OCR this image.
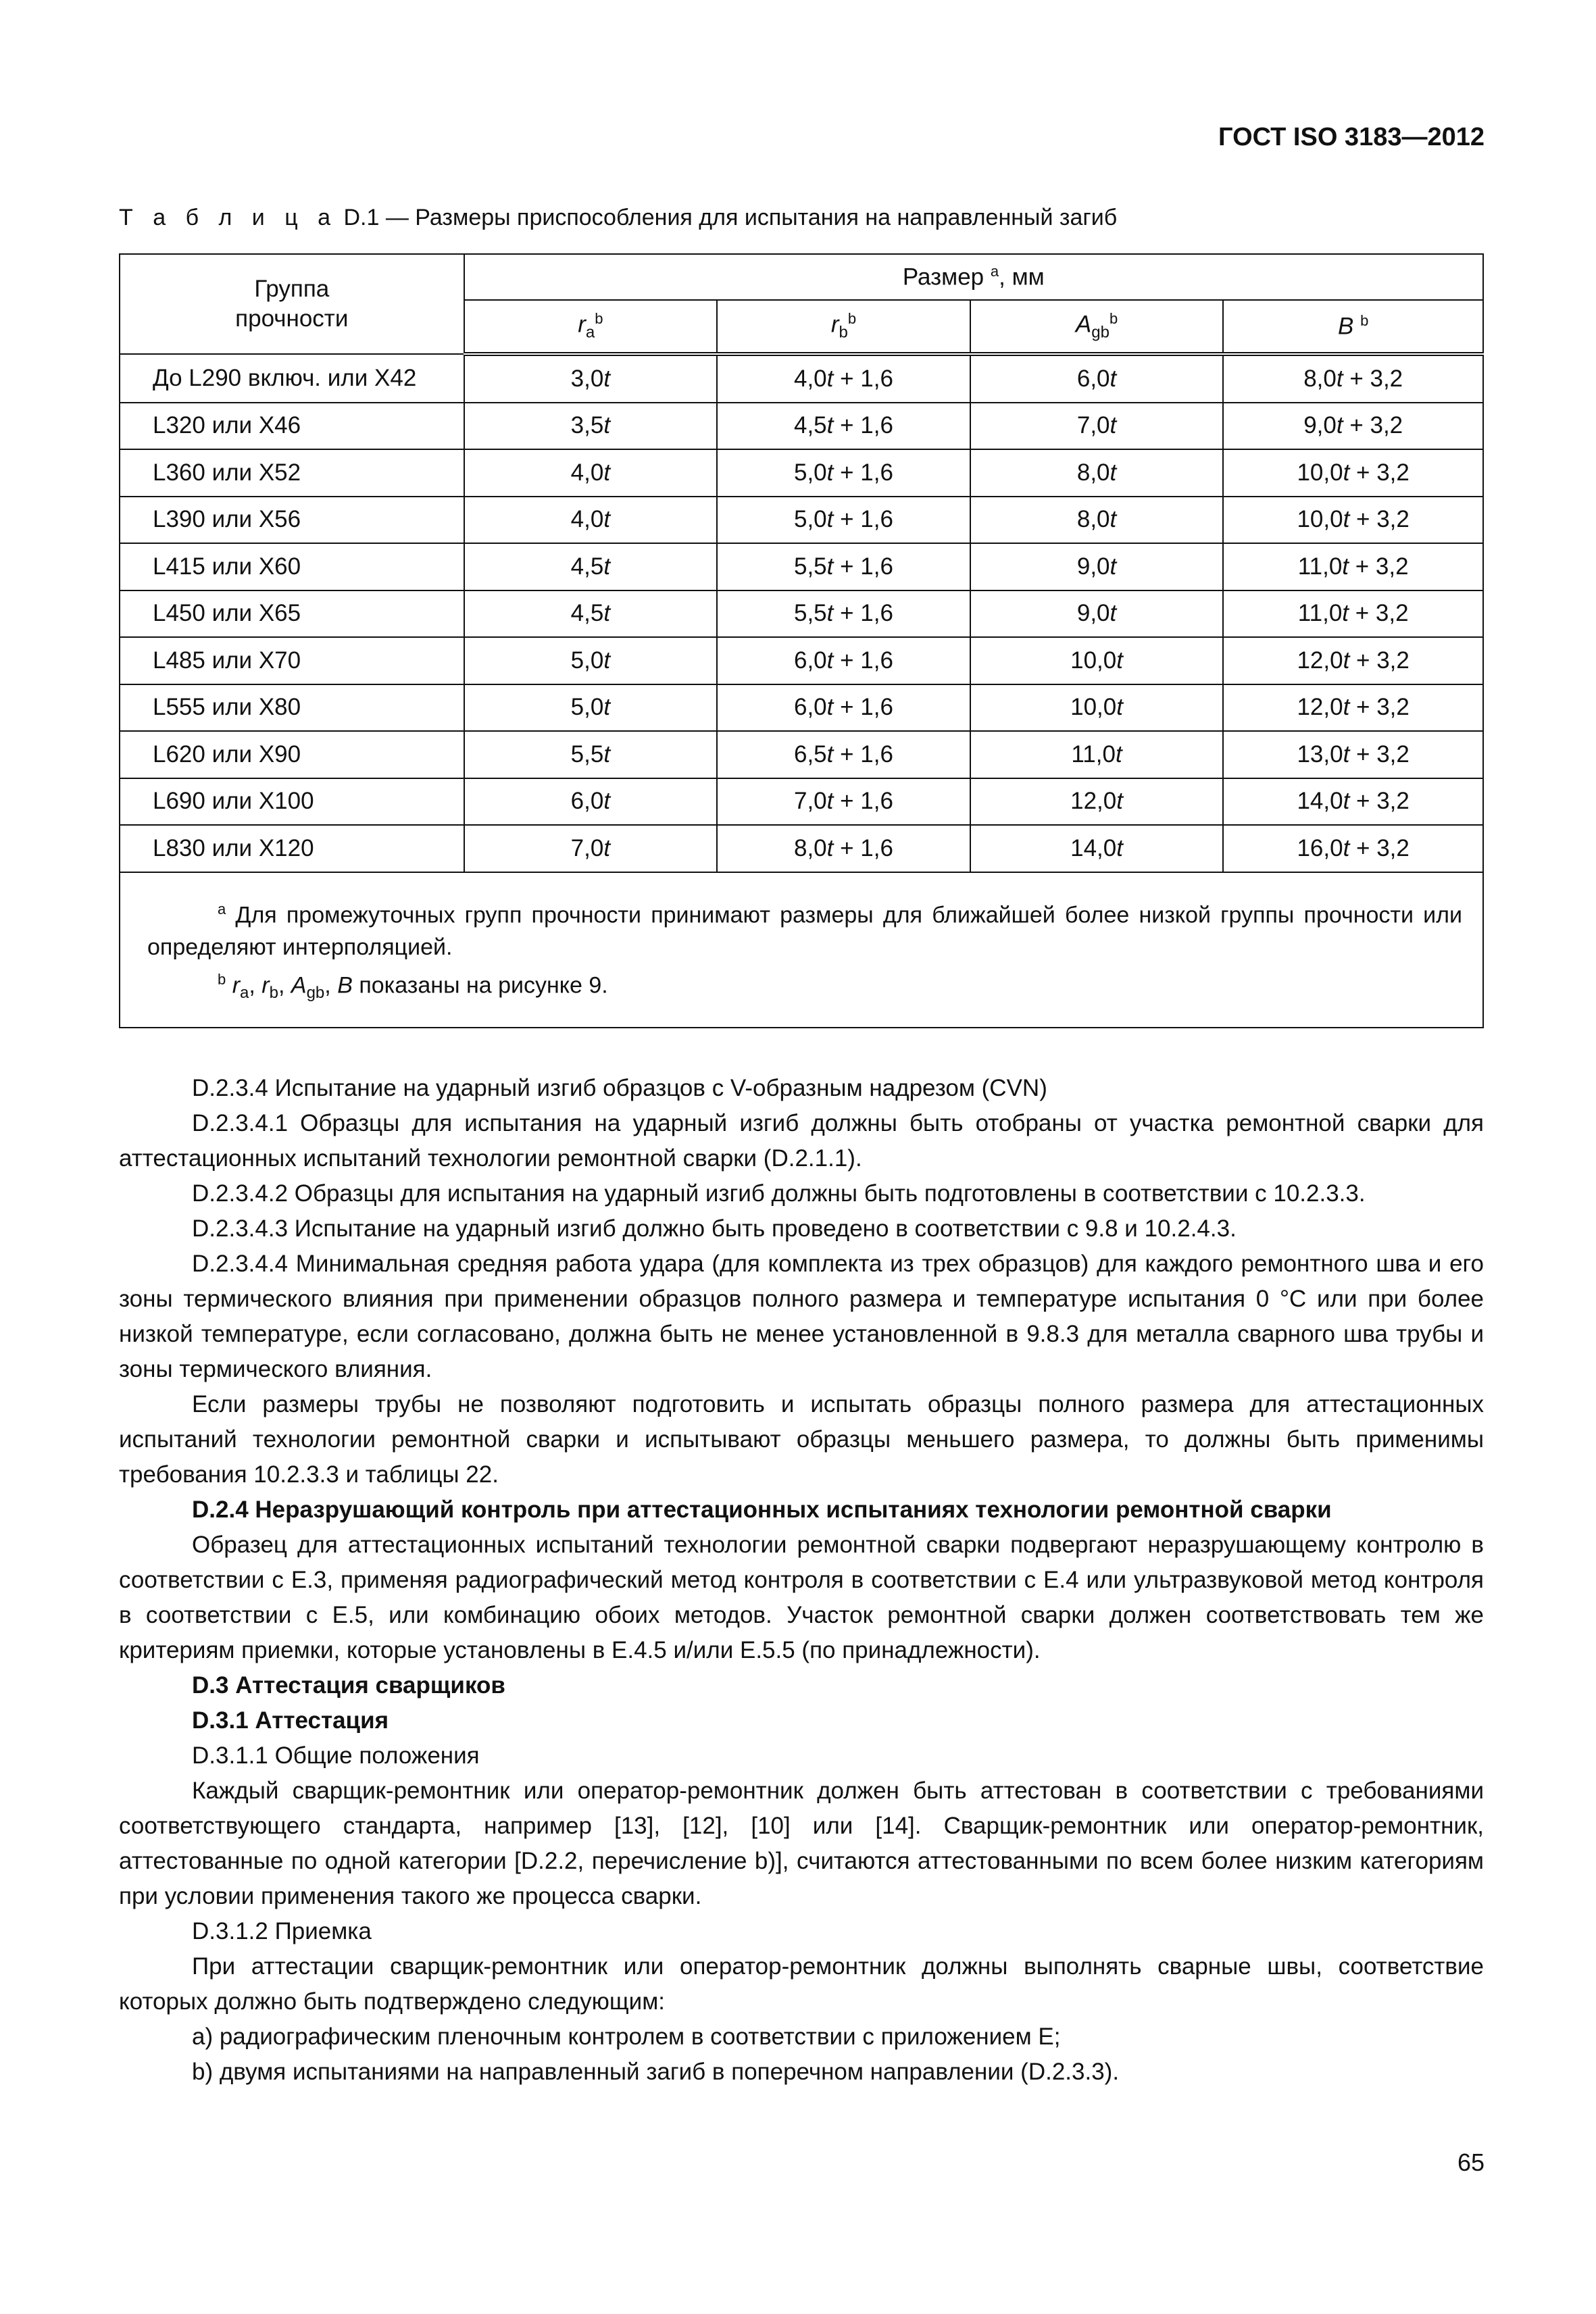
ГОСТ ISO 3183—2012
Т а б л и ц а D.1 — Размеры приспособления для испытания на направленный загиб
Группа
прочности	Размер $^a$, мм			
	$r_a^b$	$r_b^b$	$A_{gb}^b$	B $^b$
До L290 включ. или X42	3,0t	4,0t + 1,6	6,0t	8,0t + 3,2
L320 или X46	3,5t	4,5t + 1,6	7,0t	9,0t + 3,2
L360 или X52	4,0t	5,0t + 1,6	8,0t	10,0t + 3,2
L390 или X56	4,0t	5,0t + 1,6	8,0t	10,0t + 3,2
L415 или X60	4,5t	5,5t + 1,6	9,0t	11,0t + 3,2
L450 или X65	4,5t	5,5t + 1,6	9,0t	11,0t + 3,2
L485 или X70	5,0t	6,0t + 1,6	10,0t	12,0t + 3,2
L555 или X80	5,0t	6,0t + 1,6	10,0t	12,0t + 3,2
L620 или X90	5,5t	6,5t + 1,6	11,0t	13,0t + 3,2
L690 или X100	6,0t	7,0t + 1,6	12,0t	14,0t + 3,2
L830 или X120	7,0t	8,0t + 1,6	14,0t	16,0t + 3,2

$^a$ Для промежуточных групп прочности принимают размеры для ближайшей более низкой группы прочности или определяют интерполяцией.
$^b$ $r_a$, $r_b$, $A_{gb}$, B показаны на рисунке 9.				

D.2.3.4 Испытание на ударный изгиб образцов с V-образным надрезом (CVN)

D.2.3.4.1 Образцы для испытания на ударный изгиб должны быть отобраны от участка ремонтной сварки для аттестационных испытаний технологии ремонтной сварки (D.2.1.1).

D.2.3.4.2 Образцы для испытания на ударный изгиб должны быть подготовлены в соответствии с 10.2.3.3.

D.2.3.4.3 Испытание на ударный изгиб должно быть проведено в соответствии с 9.8 и 10.2.4.3.

D.2.3.4.4 Минимальная средняя работа удара (для комплекта из трех образцов) для каждого ремонтного шва и его зоны термического влияния при применении образцов полного размера и температуре испытания 0 °С или при более низкой температуре, если согласовано, должна быть не менее установленной в 9.8.3 для металла сварного шва трубы и зоны термического влияния.

Если размеры трубы не позволяют подготовить и испытать образцы полного размера для аттестационных испытаний технологии ремонтной сварки и испытывают образцы меньшего размера, то должны быть применимы требования 10.2.3.3 и таблицы 22.

D.2.4 Неразрушающий контроль при аттестационных испытаниях технологии ремонтной сварки

Образец для аттестационных испытаний технологии ремонтной сварки подвергают неразрушающему контролю в соответствии с Е.3, применяя радиографический метод контроля в соответствии с Е.4 или ультразвуковой метод контроля в соответствии с Е.5, или комбинацию обоих методов. Участок ремонтной сварки должен соответствовать тем же критериям приемки, которые установлены в Е.4.5 и/или Е.5.5 (по принадлежности).

D.3 Аттестация сварщиков

D.3.1 Аттестация

D.3.1.1 Общие положения

Каждый сварщик-ремонтник или оператор-ремонтник должен быть аттестован в соответствии с требованиями соответствующего стандарта, например [13], [12], [10] или [14]. Сварщик-ремонтник или оператор-ремонтник, аттестованные по одной категории [D.2.2, перечисление b)], считаются аттестованными по всем более низким категориям при условии применения такого же процесса сварки.

D.3.1.2 Приемка

При аттестации сварщик-ремонтник или оператор-ремонтник должны выполнять сварные швы, соответствие которых должно быть подтверждено следующим:

а) радиографическим пленочным контролем в соответствии с приложением Е;

b) двумя испытаниями на направленный загиб в поперечном направлении (D.2.3.3).

65
